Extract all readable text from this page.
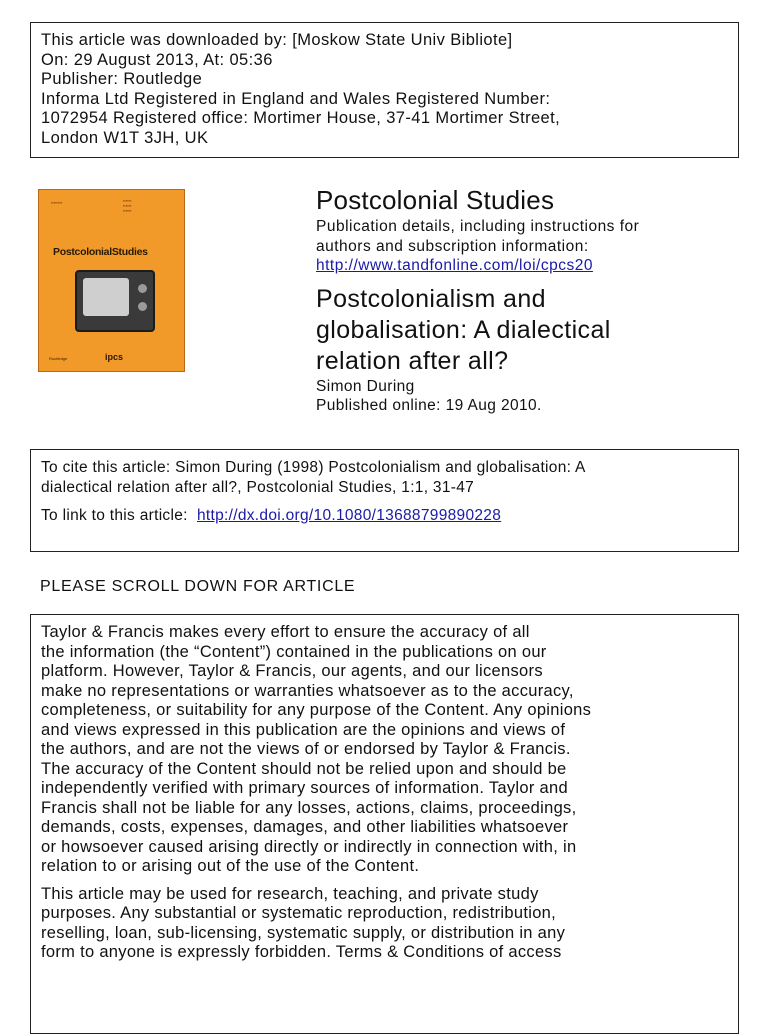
This article was downloaded by: [Moskow State Univ Bibliote]
On: 29 August 2013, At: 05:36
Publisher: Routledge
Informa Ltd Registered in England and Wales Registered Number:
1072954 Registered office: Mortimer House, 37-41 Mortimer Street,
London W1T 3JH, UK
▪▪▪▪▪▪▪▪	▪▪▪▪▪▪
▪▪▪▪▪▪
▪▪▪▪▪▪
PostcolonialStudies
Routledge	ipcs
Postcolonial Studies
Publication details, including instructions for
authors and subscription information:
http://www.tandfonline.com/loi/cpcs20
Postcolonialism and
globalisation: A dialectical
relation after all?
Simon During
Published online: 19 Aug 2010.
To cite this article: Simon During (1998) Postcolonialism and globalisation: A
dialectical relation after all?, Postcolonial Studies, 1:1, 31-47
To link to this article:  http://dx.doi.org/10.1080/13688799890228
PLEASE SCROLL DOWN FOR ARTICLE
Taylor & Francis makes every effort to ensure the accuracy of all
the information (the “Content”) contained in the publications on our
platform. However, Taylor & Francis, our agents, and our licensors
make no representations or warranties whatsoever as to the accuracy,
completeness, or suitability for any purpose of the Content. Any opinions
and views expressed in this publication are the opinions and views of
the authors, and are not the views of or endorsed by Taylor & Francis.
The accuracy of the Content should not be relied upon and should be
independently verified with primary sources of information. Taylor and
Francis shall not be liable for any losses, actions, claims, proceedings,
demands, costs, expenses, damages, and other liabilities whatsoever
or howsoever caused arising directly or indirectly in connection with, in
relation to or arising out of the use of the Content.
This article may be used for research, teaching, and private study
purposes. Any substantial or systematic reproduction, redistribution,
reselling, loan, sub-licensing, systematic supply, or distribution in any
form to anyone is expressly forbidden. Terms & Conditions of access
